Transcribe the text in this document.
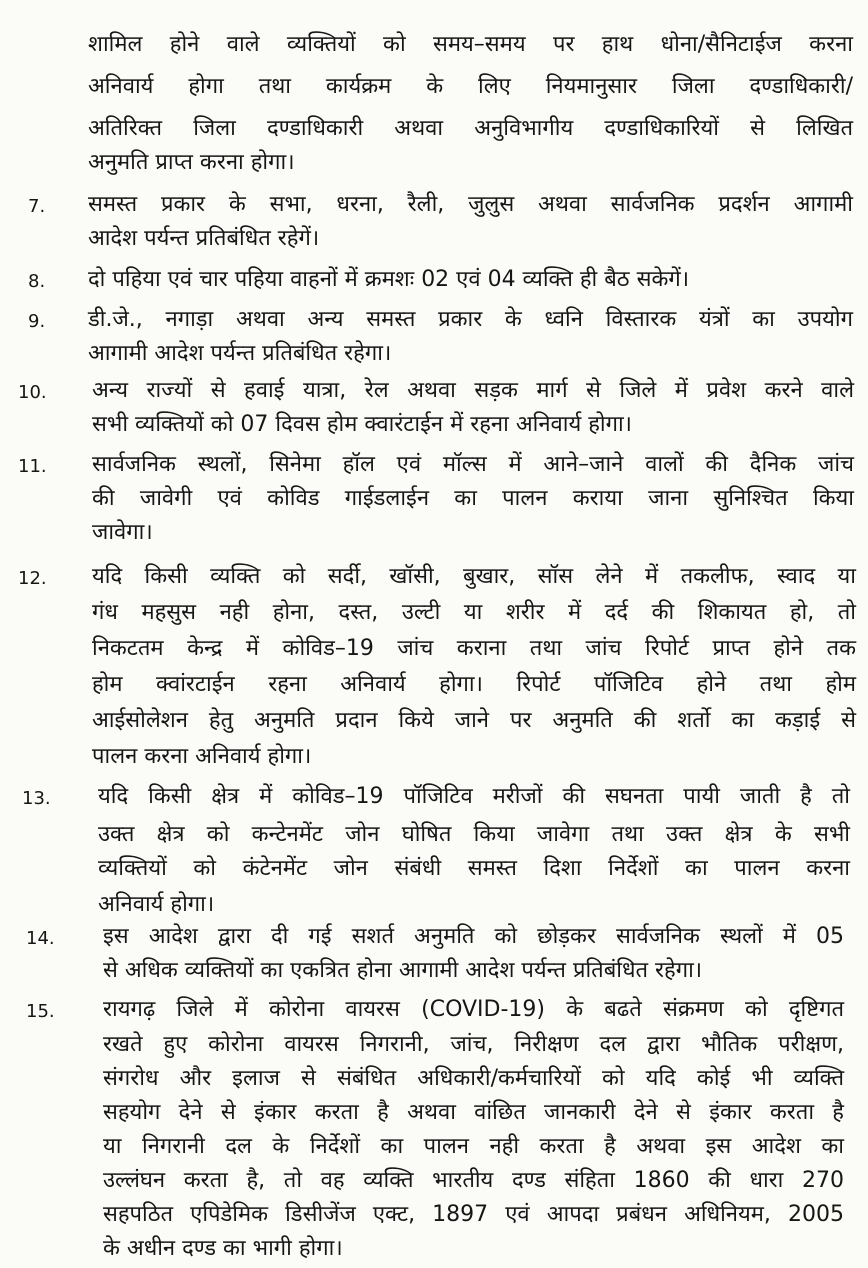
शामिल होने वाले व्यक्तियों को समय–समय पर हाथ धोना/सैनिटाईज करना
अनिवार्य होगा तथा कार्यक्रम के लिए नियमानुसार जिला दण्डाधिकारी/
अतिरिक्त जिला दण्डाधिकारी अथवा अनुविभागीय दण्डाधिकारियों से लिखित
अनुमति प्राप्त करना होगा।
7. समस्त प्रकार के सभा, धरना, रैली, जुलुस अथवा सार्वजनिक प्रदर्शन आगामी
आदेश पर्यन्त प्रतिबंधित रहेगें।
8. दो पहिया एवं चार पहिया वाहनों में क्रमशः 02 एवं 04 व्यक्ति ही बैठ सकेगें।
9. डी.जे., नगाड़ा अथवा अन्य समस्त प्रकार के ध्वनि विस्तारक यंत्रों का उपयोग
आगामी आदेश पर्यन्त प्रतिबंधित रहेगा।
10. अन्य राज्यों से हवाई यात्रा, रेल अथवा सड़क मार्ग से जिले में प्रवेश करने वाले
सभी व्यक्तियों को 07 दिवस होम क्वारंटाईन में रहना अनिवार्य होगा।
11. सार्वजनिक स्थलों, सिनेमा हॉल एवं मॉल्स में आने–जाने वालों की दैनिक जांच
की जावेगी एवं कोविड गाईडलाईन का पालन कराया जाना सुनिश्चित किया
जावेगा।
12. यदि किसी व्यक्ति को सर्दी, खॉसी, बुखार, सॉस लेने में तकलीफ, स्वाद या
गंध महसुस नही होना, दस्त, उल्टी या शरीर में दर्द की शिकायत हो, तो
निकटतम केन्द्र में कोविड–19 जांच कराना तथा जांच रिपोर्ट प्राप्त होने तक
होम क्वांरटाईन रहना अनिवार्य होगा। रिपोर्ट पॉजिटिव होने तथा होम
आईसोलेशन हेतु अनुमति प्रदान किये जाने पर अनुमति की शर्तो का कड़ाई से
पालन करना अनिवार्य होगा।
13. यदि किसी क्षेत्र में कोविड–19 पॉजिटिव मरीजों की सघनता पायी जाती है तो
उक्त क्षेत्र को कन्टेनमेंट जोन घोषित किया जावेगा तथा उक्त क्षेत्र के सभी
व्यक्तियों को कंटेनमेंट जोन संबंधी समस्त दिशा निर्देशों का पालन करना
अनिवार्य होगा।
14. इस आदेश द्वारा दी गई सशर्त अनुमति को छोड़कर सार्वजनिक स्थलों में 05
से अधिक व्यक्तियों का एकत्रित होना आगामी आदेश पर्यन्त प्रतिबंधित रहेगा।
15. रायगढ़ जिले में कोरोना वायरस (COVID-19) के बढते संक्रमण को दृष्टिगत
रखते हुए कोरोना वायरस निगरानी, जांच, निरीक्षण दल द्वारा भौतिक परीक्षण,
संगरोध और इलाज से संबंधित अधिकारी/कर्मचारियों को यदि कोई भी व्यक्ति
सहयोग देने से इंकार करता है अथवा वांछित जानकारी देने से इंकार करता है
या निगरानी दल के निर्देशों का पालन नही करता है अथवा इस आदेश का
उल्लंघन करता है, तो वह व्यक्ति भारतीय दण्ड संहिता 1860 की धारा 270
सहपठित एपिडेमिक डिसीजेंज एक्ट, 1897 एवं आपदा प्रबंधन अधिनियम, 2005
के अधीन दण्ड का भागी होगा।
